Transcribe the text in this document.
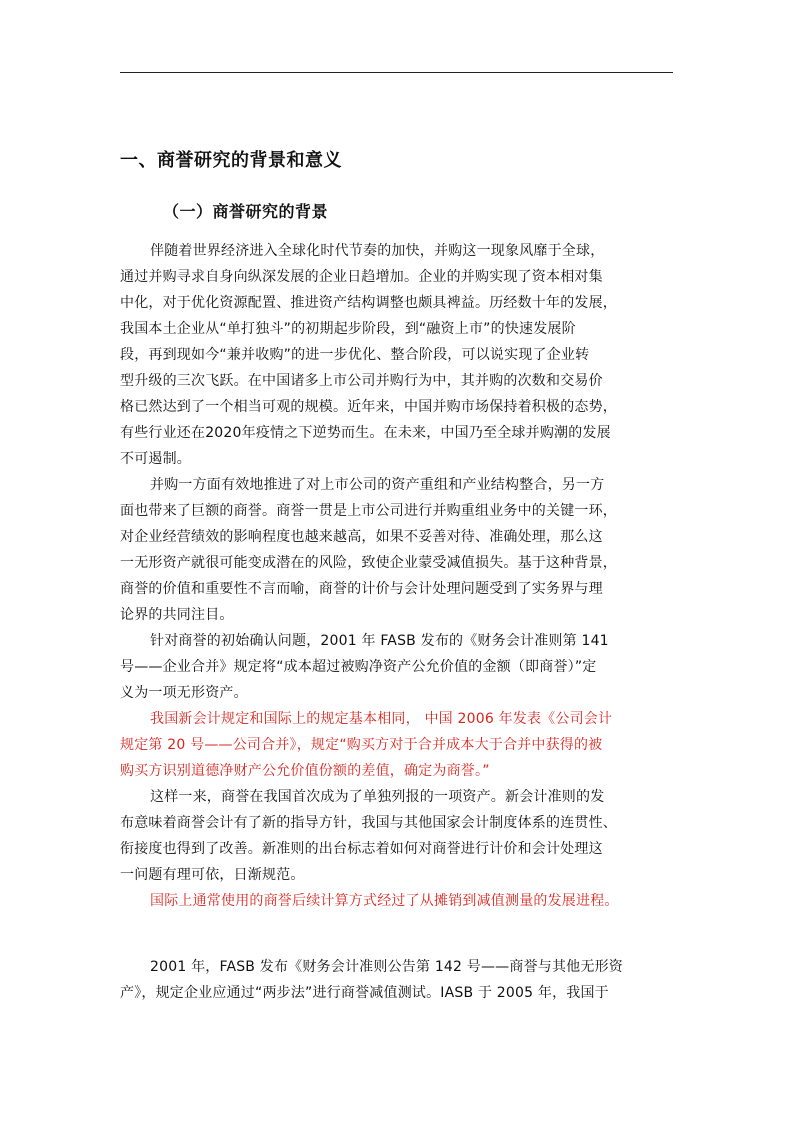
一、商誉研究的背景和意义
（一）商誉研究的背景
伴随着世界经济进入全球化时代节奏的加快，并购这一现象风靡于全球，
通过并购寻求自身向纵深发展的企业日趋增加。企业的并购实现了资本相对集
中化，对于优化资源配置、推进资产结构调整也颇具裨益。历经数十年的发展，
我国本土企业从“单打独斗”的初期起步阶段，到“融资上市”的快速发展阶
段，再到现如今“兼并收购”的进一步优化、整合阶段，可以说实现了企业转
型升级的三次飞跃。在中国诸多上市公司并购行为中，其并购的次数和交易价
格已然达到了一个相当可观的规模。近年来，中国并购市场保持着积极的态势，
有些行业还在2020年疫情之下逆势而生。在未来，中国乃至全球并购潮的发展
不可遏制。
并购一方面有效地推进了对上市公司的资产重组和产业结构整合，另一方
面也带来了巨额的商誉。商誉一贯是上市公司进行并购重组业务中的关键一环，
对企业经营绩效的影响程度也越来越高，如果不妥善对待、准确处理，那么这
一无形资产就很可能变成潜在的风险，致使企业蒙受减值损失。基于这种背景，
商誉的价值和重要性不言而喻，商誉的计价与会计处理问题受到了实务界与理
论界的共同注目。
针对商誉的初始确认问题，2001 年 FASB 发布的《财务会计准则第 141
号——企业合并》规定将“成本超过被购净资产公允价值的金额（即商誉）”定
义为一项无形资产。
我国新会计规定和国际上的规定基本相同， 中国 2006 年发表《公司会计
规定第 20 号——公司合并》，规定“购买方对于合并成本大于合并中获得的被
购买方识别道德净财产公允价值份额的差值，确定为商誉。”
这样一来，商誉在我国首次成为了单独列报的一项资产。新会计准则的发
布意味着商誉会计有了新的指导方针，我国与其他国家会计制度体系的连贯性、
衔接度也得到了改善。新准则的出台标志着如何对商誉进行计价和会计处理这
一问题有理可依，日渐规范。
国际上通常使用的商誉后续计算方式经过了从摊销到减值测量的发展进程。
2001 年，FASB 发布《财务会计准则公告第 142 号——商誉与其他无形资
产》，规定企业应通过“两步法”进行商誉减值测试。IASB 于 2005 年，我国于
